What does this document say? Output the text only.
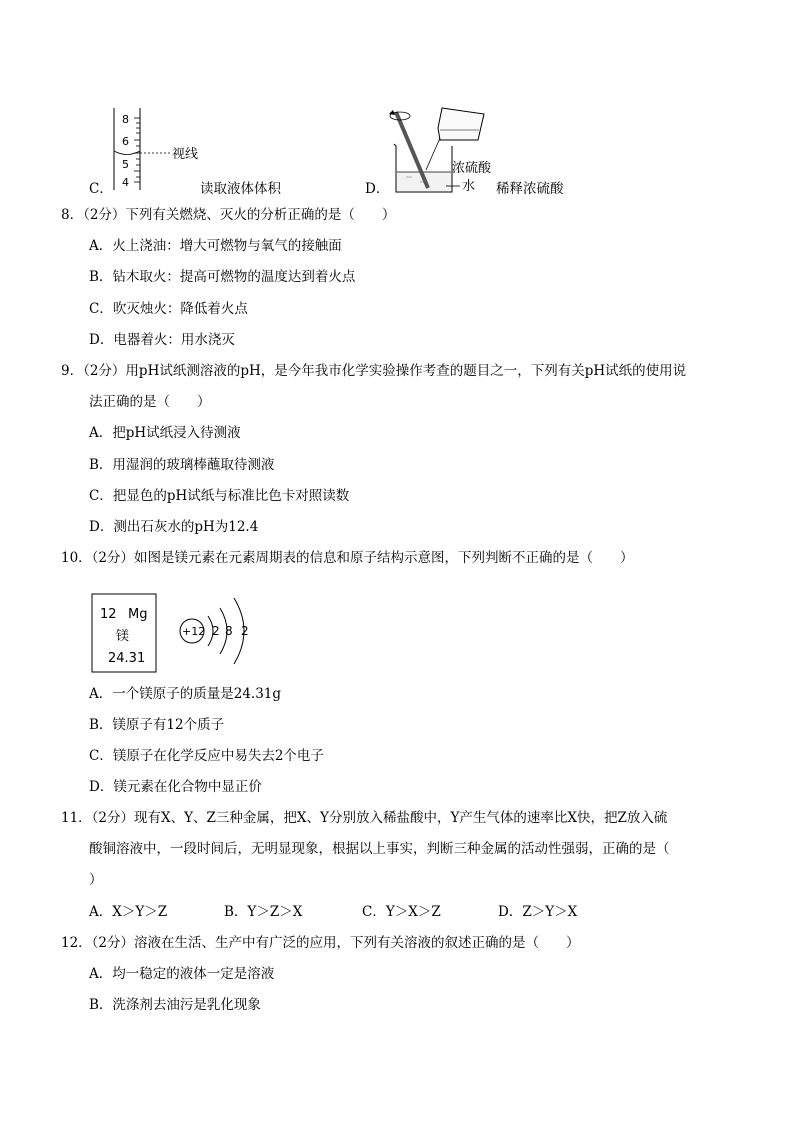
C．
8
6
5
4
视线
读取液体体积	D．
浓硫酸
水 稀释浓硫酸
8．（2分）下列有关燃烧、灭火的分析正确的是（　　）
A．火上浇油：增大可燃物与氧气的接触面
B．钻木取火：提高可燃物的温度达到着火点
C．吹灭烛火：降低着火点
D．电器着火：用水浇灭
9．（2分）用pH试纸测溶液的pH，是今年我市化学实验操作考查的题目之一，下列有关pH试纸的使用说
法正确的是（　　）
A．把pH试纸浸入待测液
B．用湿润的玻璃棒蘸取待测液
C．把显色的pH试纸与标准比色卡对照读数
D．测出石灰水的pH为12.4
10．（2分）如图是镁元素在元素周期表的信息和原子结构示意图，下列判断不正确的是（　　）
12 Mg
镁
24.31
+12 2 8 2
A．一个镁原子的质量是24.31g
B．镁原子有12个质子
C．镁原子在化学反应中易失去2个电子
D．镁元素在化合物中显正价
11．（2分）现有X、Y、Z三种金属，把X、Y分别放入稀盐酸中，Y产生气体的速率比X快，把Z放入硫
酸铜溶液中，一段时间后，无明显现象，根据以上事实，判断三种金属的活动性强弱，正确的是（
）
A．X＞Y＞Z	B．Y＞Z＞X	C．Y＞X＞Z	D．Z＞Y＞X
12．（2分）溶液在生活、生产中有广泛的应用，下列有关溶液的叙述正确的是（　　）
A．均一稳定的液体一定是溶液
B．洗涤剂去油污是乳化现象
